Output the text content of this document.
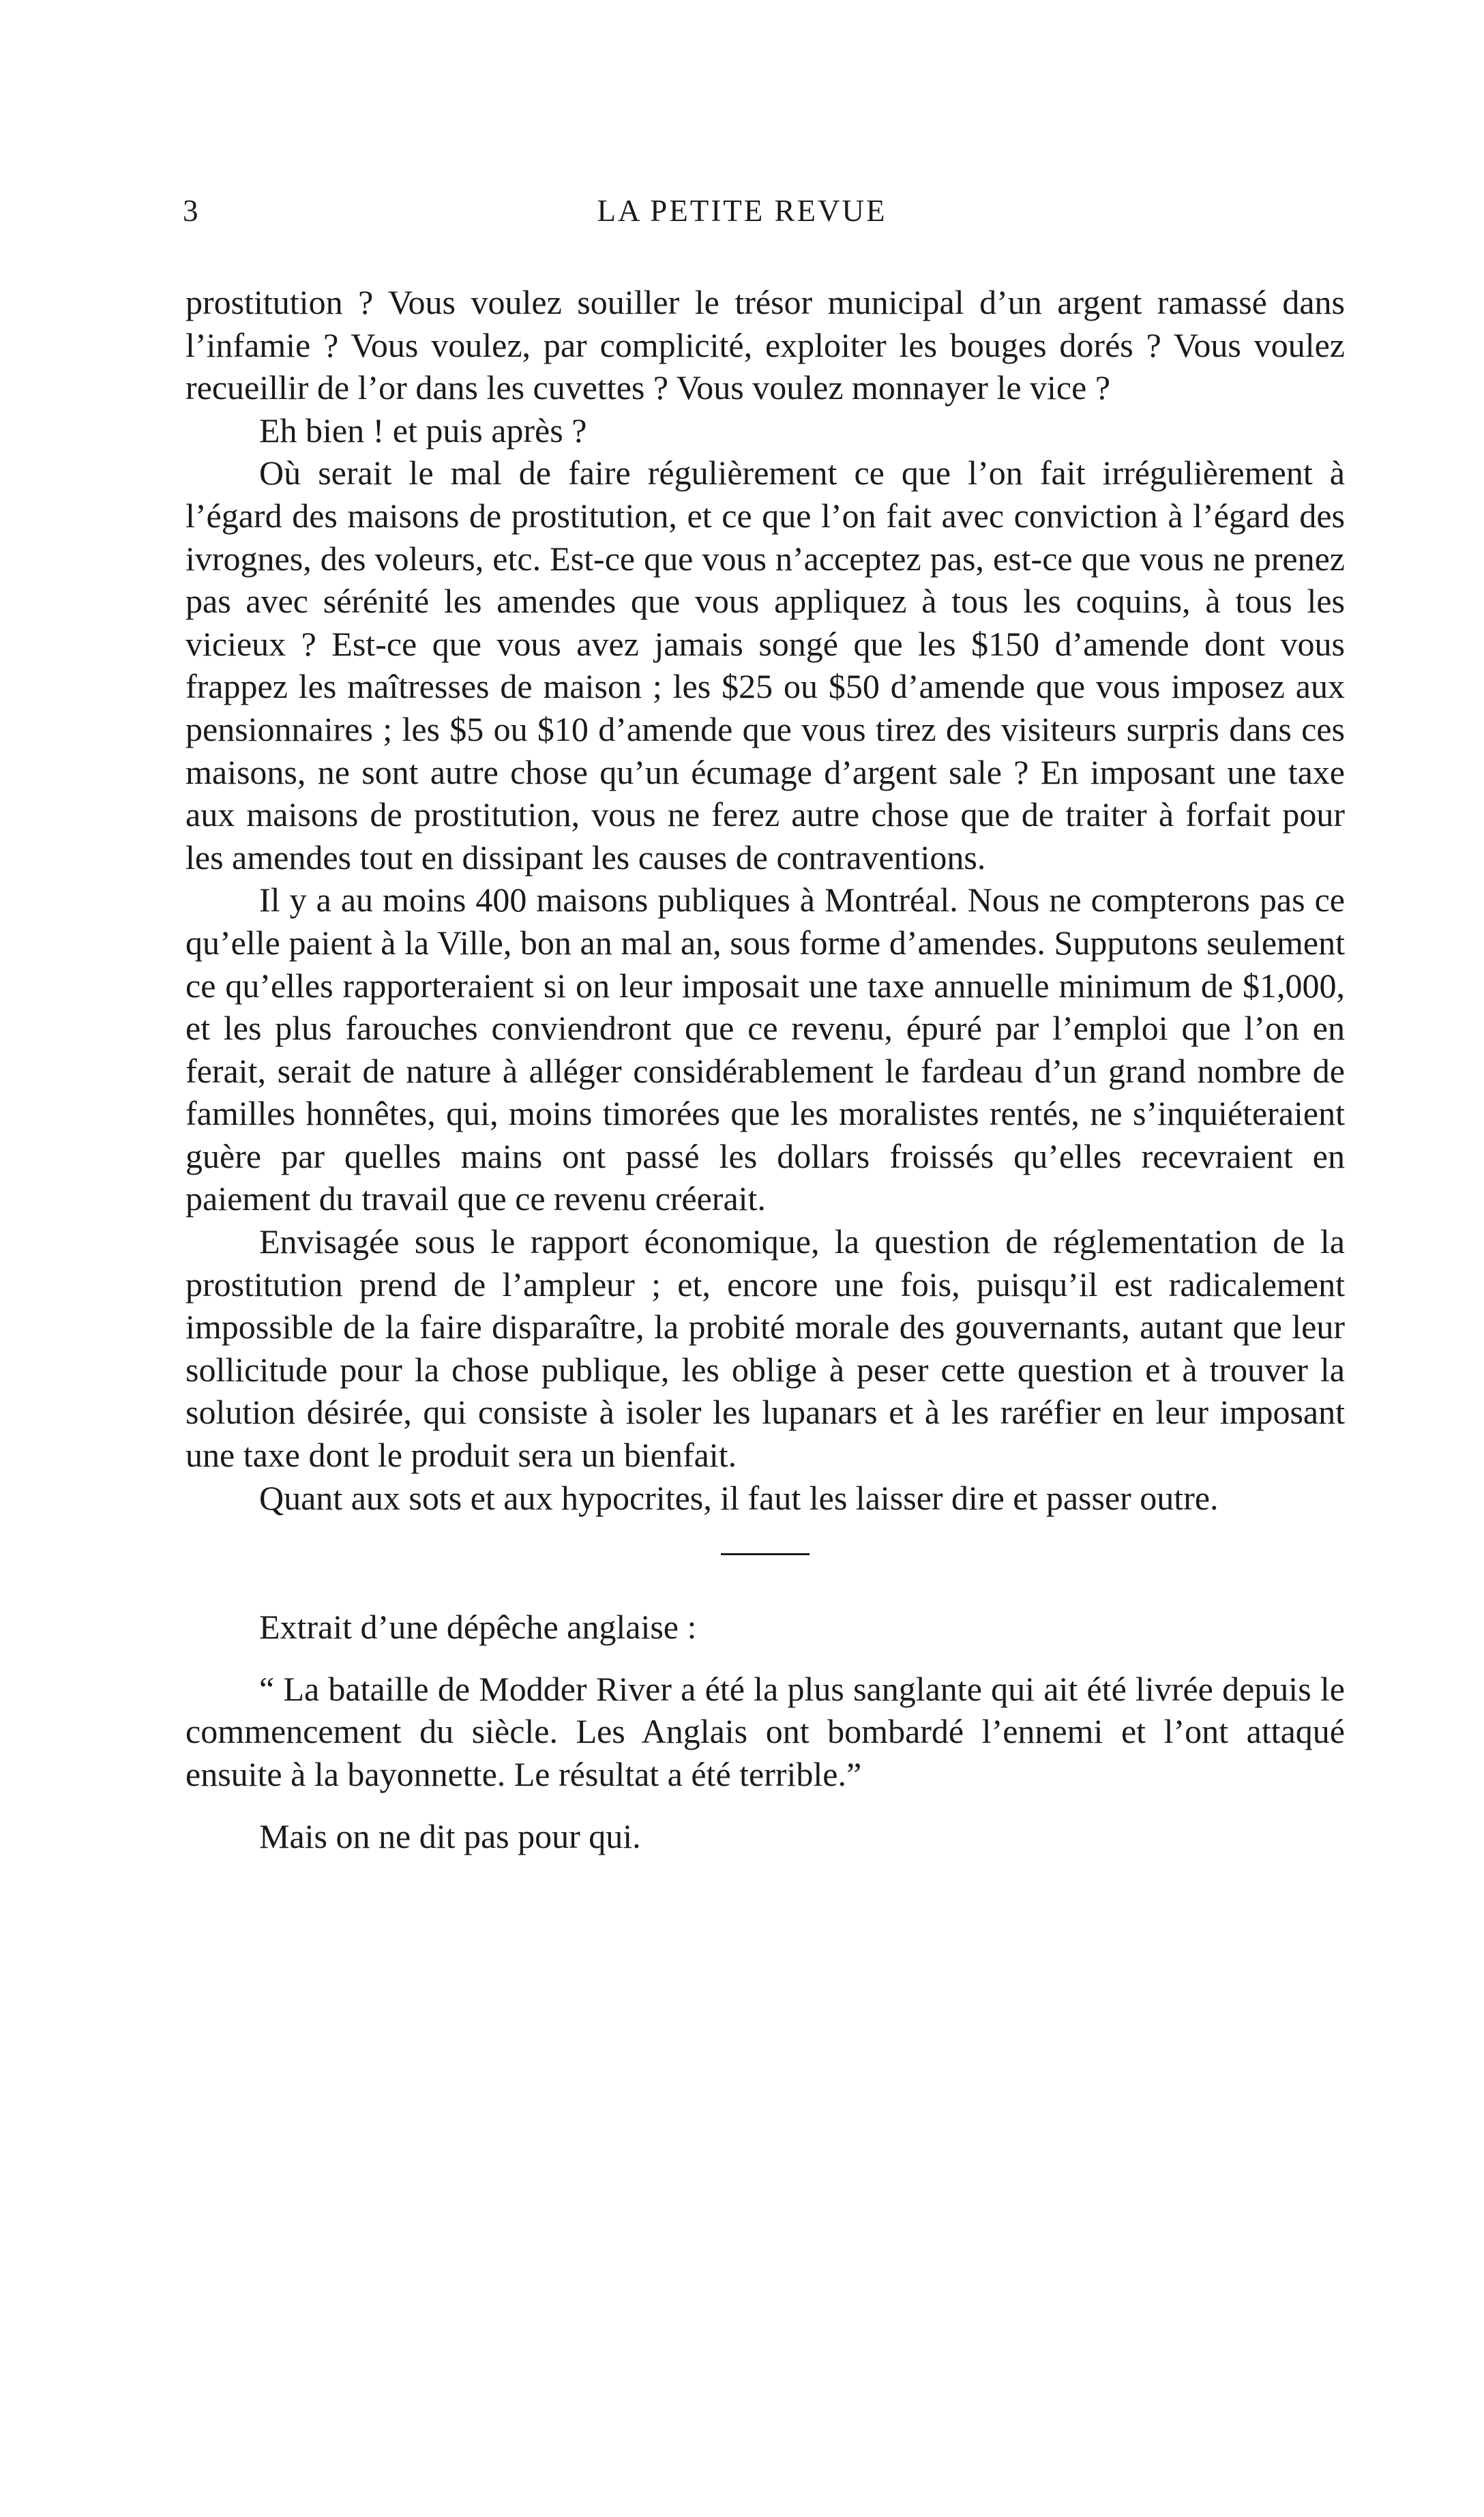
3	LA PETITE REVUE

prostitution ? Vous voulez souiller le trésor municipal d’un argent ramassé dans l’infamie ? Vous voulez, par complicité, exploiter les bouges dorés ? Vous voulez recueillir de l’or dans les cuvettes ? Vous voulez monnayer le vice ?

Eh bien ! et puis après ?

Où serait le mal de faire régulièrement ce que l’on fait irrégulièrement à l’égard des maisons de prostitution, et ce que l’on fait avec conviction à l’égard des ivrognes, des voleurs, etc. Est-ce que vous n’acceptez pas, est-ce que vous ne prenez pas avec sérénité les amendes que vous appliquez à tous les coquins, à tous les vicieux ? Est-ce que vous avez jamais songé que les $150 d’amende dont vous frappez les maîtresses de maison ; les $25 ou $50 d’amende que vous imposez aux pensionnaires ; les $5 ou $10 d’amende que vous tirez des visiteurs surpris dans ces maisons, ne sont autre chose qu’un écumage d’argent sale ? En imposant une taxe aux maisons de prostitution, vous ne ferez autre chose que de traiter à forfait pour les amendes tout en dissipant les causes de contraventions.

Il y a au moins 400 maisons publiques à Montréal. Nous ne compterons pas ce qu’elle paient à la Ville, bon an mal an, sous forme d’amendes. Supputons seulement ce qu’elles rapporteraient si on leur imposait une taxe annuelle minimum de $1,000, et les plus farouches conviendront que ce revenu, épuré par l’emploi que l’on en ferait, serait de nature à alléger considérablement le fardeau d’un grand nombre de familles honnêtes, qui, moins timorées que les moralistes rentés, ne s’inquiéteraient guère par quelles mains ont passé les dollars froissés qu’elles recevraient en paiement du travail que ce revenu créerait.

Envisagée sous le rapport économique, la question de réglementation de la prostitution prend de l’ampleur ; et, encore une fois, puisqu’il est radicalement impossible de la faire disparaître, la probité morale des gouvernants, autant que leur sollicitude pour la chose publique, les oblige à peser cette question et à trouver la solution désirée, qui consiste à isoler les lupanars et à les raréfier en leur imposant une taxe dont le produit sera un bienfait.

Quant aux sots et aux hypocrites, il faut les laisser dire et passer outre.

Extrait d’une dépêche anglaise :

“ La bataille de Modder River a été la plus sanglante qui ait été livrée depuis le commencement du siècle. Les Anglais ont bombardé l’ennemi et l’ont attaqué ensuite à la bayonnette. Le résultat a été terrible.”

Mais on ne dit pas pour qui.
